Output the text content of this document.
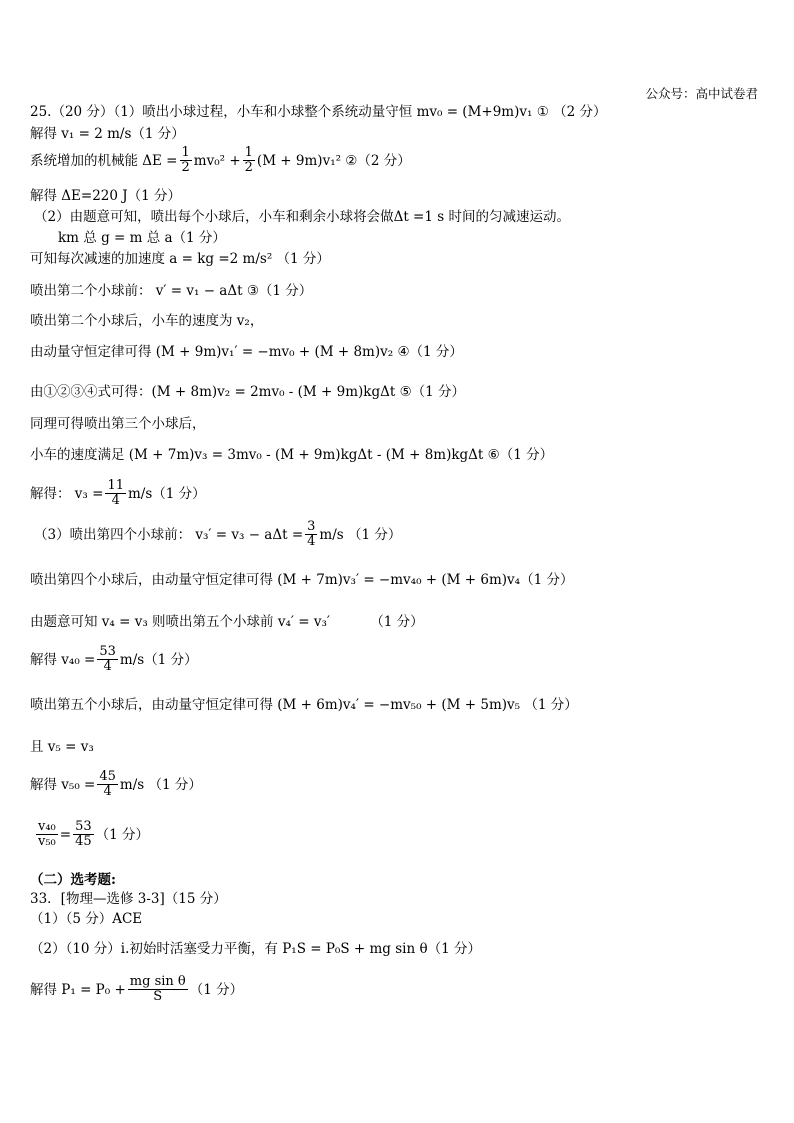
公众号：高中试卷君
25.（20 分）（1）喷出小球过程，小车和小球整个系统动量守恒 mv₀ = (M+9m)v₁ ① （2 分）
解得 v₁ = 2 m/s（1 分）
系统增加的机械能 $\Delta E = \frac{1}{2} mv_0^2 + \frac{1}{2} (M + 9m)v_1^2$ ②（2 分）
解得 ΔE=220 J（1 分）
（2）由题意可知，喷出每个小球后，小车和剩余小球将会做Δt =1 s 时间的匀减速运动。
km 总 g = m 总 a（1 分）
可知每次减速的加速度 a = kg =2 m/s² （1 分）
喷出第二个小球前： v′ = v₁ − aΔt ③（1 分）
喷出第二个小球后，小车的速度为 v₂，
由动量守恒定律可得 (M + 9m)v₁′ = −mv₀ + (M + 8m)v₂ ④（1 分）
由①②③④式可得：(M + 8m)v₂ = 2mv₀ - (M + 9m)kgΔt ⑤（1 分）
同理可得喷出第三个小球后，
小车的速度满足 (M + 7m)v₃ = 3mv₀ - (M + 9m)kgΔt - (M + 8m)kgΔt ⑥（1 分）
解得： $v_3 = \frac{11}{4} m/s(1$ 分）
（3）喷出第四个小球前： $v_3' = v_3 - a\Delta t = \frac{3}{4} m/s$ （1 分）
喷出第四个小球后，由动量守恒定律可得 (M + 7m)v₃′ = −mv₄₀ + (M + 6m)v₄（1 分）
由题意可知 v₄ = v₃ 则喷出第五个小球前 v₄′ = v₃′	（1 分）
解得 $v_{40} = \frac{53}{4} m/s(1$ 分）
喷出第五个小球后，由动量守恒定律可得 (M + 6m)v₄′ = −mv₅₀ + (M + 5m)v₅ （1 分）
且 v₅ = v₃
解得 $v_{50} = \frac{45}{4} m/s$ （1 分）
$\frac{\text{v₄₀}}{\text{v₅₀}} = \frac{53}{45} (1$ 分）
（二）选考题:
33．[物理—选修 3-3]（15 分）
（1）（5 分）ACE
（2）（10 分）i.初始时活塞受力平衡，有 P₁S = P₀S + mg sin θ（1 分）
解得 $P_1 = P_0 + \frac{\text{mg sin θ}}{S} (1$ 分）
